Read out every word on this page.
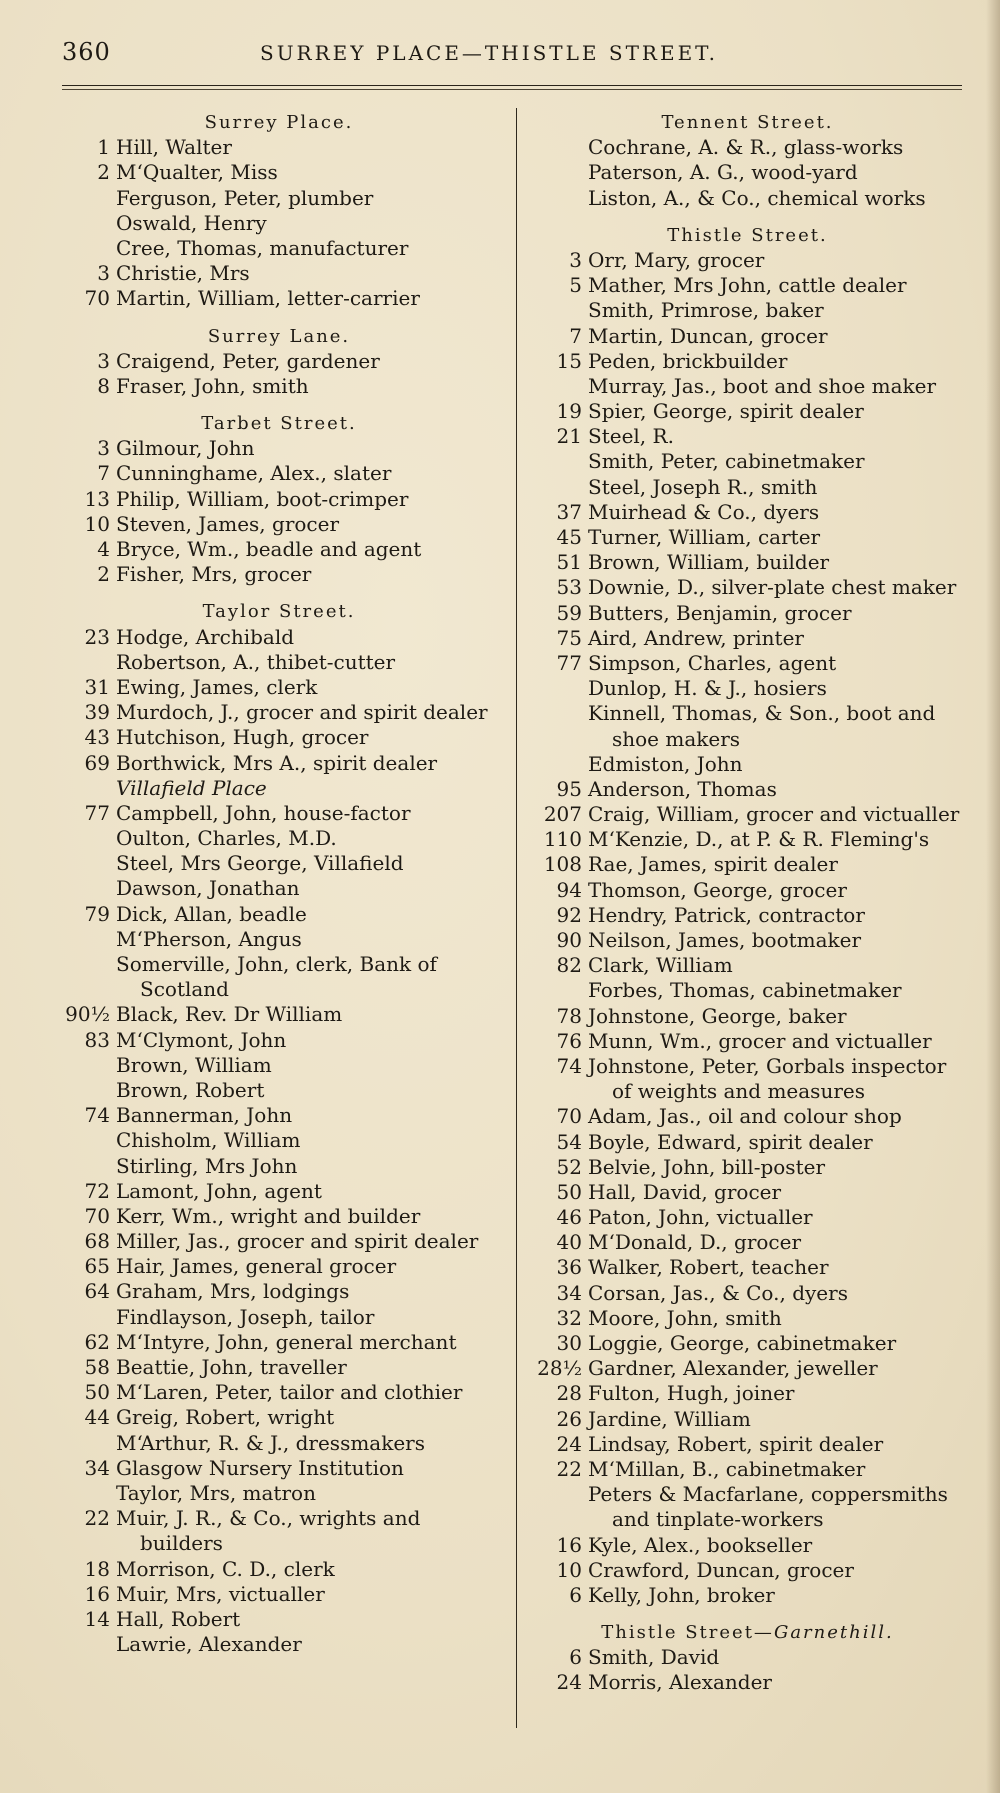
360	SURREY PLACE—THISTLE STREET.
Surrey Place.
1 Hill, Walter
2 M‘Qualter, Miss
Ferguson, Peter, plumber
Oswald, Henry
Cree, Thomas, manufacturer
3 Christie, Mrs
70 Martin, William, letter-carrier
Surrey Lane.
3 Craigend, Peter, gardener
8 Fraser, John, smith
Tarbet Street.
3 Gilmour, John
7 Cunninghame, Alex., slater
13 Philip, William, boot-crimper
10 Steven, James, grocer
4 Bryce, Wm., beadle and agent
2 Fisher, Mrs, grocer
Taylor Street.
23 Hodge, Archibald
Robertson, A., thibet-cutter
31 Ewing, James, clerk
39 Murdoch, J., grocer and spirit dealer
43 Hutchison, Hugh, grocer
69 Borthwick, Mrs A., spirit dealer
Villafield Place
77 Campbell, John, house-factor
Oulton, Charles, M.D.
Steel, Mrs George, Villafield
Dawson, Jonathan
79 Dick, Allan, beadle
M‘Pherson, Angus
Somerville, John, clerk, Bank of
Scotland
90½ Black, Rev. Dr William
83 M‘Clymont, John
Brown, William
Brown, Robert
74 Bannerman, John
Chisholm, William
Stirling, Mrs John
72 Lamont, John, agent
70 Kerr, Wm., wright and builder
68 Miller, Jas., grocer and spirit dealer
65 Hair, James, general grocer
64 Graham, Mrs, lodgings
Findlayson, Joseph, tailor
62 M‘Intyre, John, general merchant
58 Beattie, John, traveller
50 M‘Laren, Peter, tailor and clothier
44 Greig, Robert, wright
M‘Arthur, R. & J., dressmakers
34 Glasgow Nursery Institution
Taylor, Mrs, matron
22 Muir, J. R., & Co., wrights and
builders
18 Morrison, C. D., clerk
16 Muir, Mrs, victualler
14 Hall, Robert
Lawrie, Alexander
Tennent Street.
Cochrane, A. & R., glass-works
Paterson, A. G., wood-yard
Liston, A., & Co., chemical works
Thistle Street.
3 Orr, Mary, grocer
5 Mather, Mrs John, cattle dealer
Smith, Primrose, baker
7 Martin, Duncan, grocer
15 Peden, brickbuilder
Murray, Jas., boot and shoe maker
19 Spier, George, spirit dealer
21 Steel, R.
Smith, Peter, cabinetmaker
Steel, Joseph R., smith
37 Muirhead & Co., dyers
45 Turner, William, carter
51 Brown, William, builder
53 Downie, D., silver-plate chest maker
59 Butters, Benjamin, grocer
75 Aird, Andrew, printer
77 Simpson, Charles, agent
Dunlop, H. & J., hosiers
Kinnell, Thomas, & Son., boot and
shoe makers
Edmiston, John
95 Anderson, Thomas
207 Craig, William, grocer and victualler
110 M‘Kenzie, D., at P. & R. Fleming's
108 Rae, James, spirit dealer
94 Thomson, George, grocer
92 Hendry, Patrick, contractor
90 Neilson, James, bootmaker
82 Clark, William
Forbes, Thomas, cabinetmaker
78 Johnstone, George, baker
76 Munn, Wm., grocer and victualler
74 Johnstone, Peter, Gorbals inspector
of weights and measures
70 Adam, Jas., oil and colour shop
54 Boyle, Edward, spirit dealer
52 Belvie, John, bill-poster
50 Hall, David, grocer
46 Paton, John, victualler
40 M‘Donald, D., grocer
36 Walker, Robert, teacher
34 Corsan, Jas., & Co., dyers
32 Moore, John, smith
30 Loggie, George, cabinetmaker
28½ Gardner, Alexander, jeweller
28 Fulton, Hugh, joiner
26 Jardine, William
24 Lindsay, Robert, spirit dealer
22 M‘Millan, B., cabinetmaker
Peters & Macfarlane, coppersmiths
and tinplate-workers
16 Kyle, Alex., bookseller
10 Crawford, Duncan, grocer
6 Kelly, John, broker
Thistle Street—Garnethill.
6 Smith, David
24 Morris, Alexander
